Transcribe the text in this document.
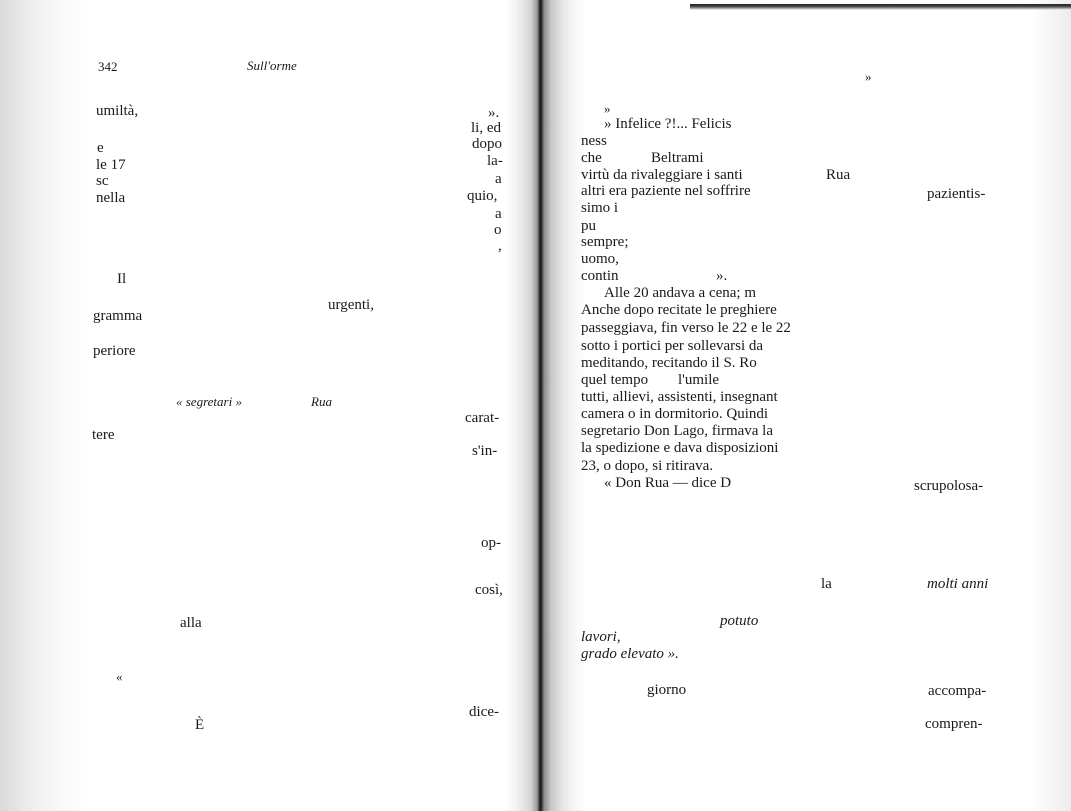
342	Sull'orme
umiltà,
e
le 17
sc
nella
Il
urgenti,
gramma
periore
« segretari »	Rua
tere
alla
«
È
».
li, ed
dopo
la-
a
quio,
a
o
,
carat-
s'in-
op-
così,
dice-
»
»
» Infelice ?!... Felicis
ness
che	Beltrami
virtù da rivaleggiare i santi	Rua
altri era paziente nel soffrire	pazientis-
simo i
pu
sempre;
uomo,
contin	».
Alle 20 andava a cena; m
Anche dopo recitate le preghiere
passeggiava, fin verso le 22 e le 22
sotto i portici per sollevarsi da
meditando, recitando il S. Ro
quel tempo l'umile
tutti, allievi, assistenti, insegnant
camera o in dormitorio. Quindi
segretario Don Lago, firmava la
la spedizione e dava disposizioni
23, o dopo, si ritirava.
« Don Rua — dice D	scrupolosa-
la	molti anni
potuto
lavori,
grado elevato ».
giorno	accompa-
compren-
